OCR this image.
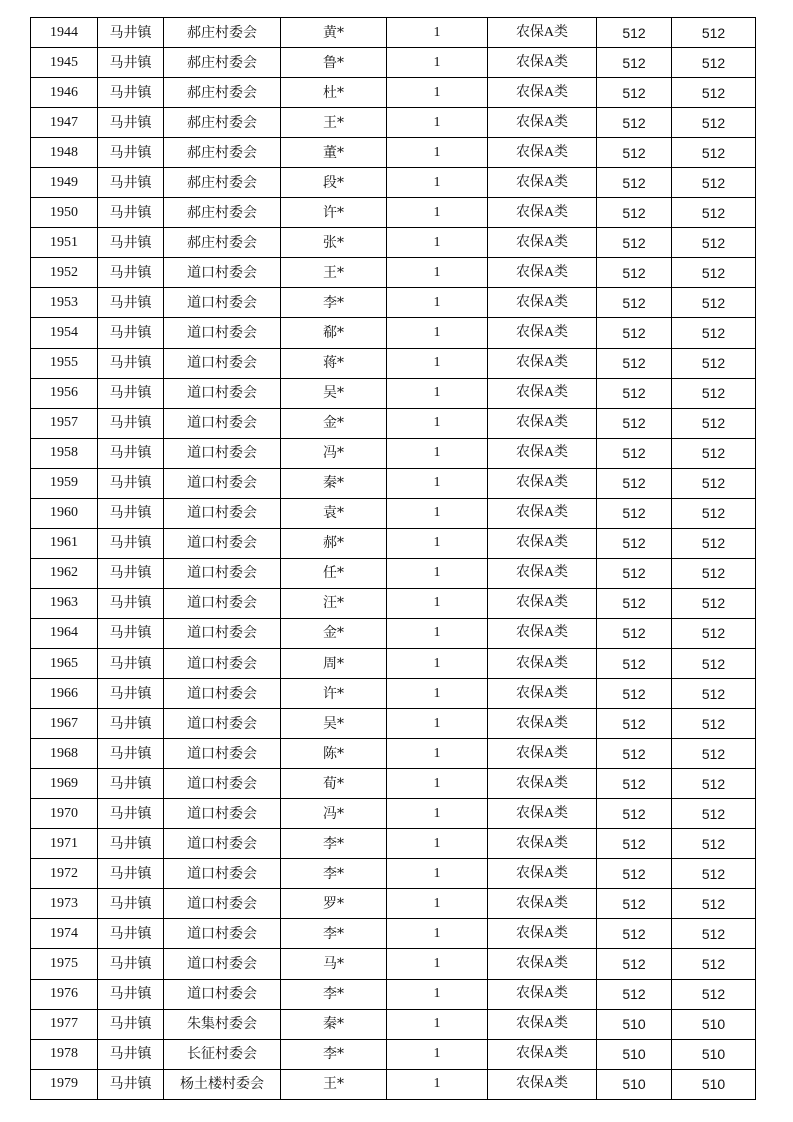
1944	马井镇	郝庄村委会	黄*	1	农保A类	512	512
1945	马井镇	郝庄村委会	鲁*	1	农保A类	512	512
1946	马井镇	郝庄村委会	杜*	1	农保A类	512	512
1947	马井镇	郝庄村委会	王*	1	农保A类	512	512
1948	马井镇	郝庄村委会	董*	1	农保A类	512	512
1949	马井镇	郝庄村委会	段*	1	农保A类	512	512
1950	马井镇	郝庄村委会	许*	1	农保A类	512	512
1951	马井镇	郝庄村委会	张*	1	农保A类	512	512
1952	马井镇	道口村委会	王*	1	农保A类	512	512
1953	马井镇	道口村委会	李*	1	农保A类	512	512
1954	马井镇	道口村委会	郗*	1	农保A类	512	512
1955	马井镇	道口村委会	蒋*	1	农保A类	512	512
1956	马井镇	道口村委会	吴*	1	农保A类	512	512
1957	马井镇	道口村委会	金*	1	农保A类	512	512
1958	马井镇	道口村委会	冯*	1	农保A类	512	512
1959	马井镇	道口村委会	秦*	1	农保A类	512	512
1960	马井镇	道口村委会	袁*	1	农保A类	512	512
1961	马井镇	道口村委会	郝*	1	农保A类	512	512
1962	马井镇	道口村委会	任*	1	农保A类	512	512
1963	马井镇	道口村委会	汪*	1	农保A类	512	512
1964	马井镇	道口村委会	金*	1	农保A类	512	512
1965	马井镇	道口村委会	周*	1	农保A类	512	512
1966	马井镇	道口村委会	许*	1	农保A类	512	512
1967	马井镇	道口村委会	吴*	1	农保A类	512	512
1968	马井镇	道口村委会	陈*	1	农保A类	512	512
1969	马井镇	道口村委会	荀*	1	农保A类	512	512
1970	马井镇	道口村委会	冯*	1	农保A类	512	512
1971	马井镇	道口村委会	李*	1	农保A类	512	512
1972	马井镇	道口村委会	李*	1	农保A类	512	512
1973	马井镇	道口村委会	罗*	1	农保A类	512	512
1974	马井镇	道口村委会	李*	1	农保A类	512	512
1975	马井镇	道口村委会	马*	1	农保A类	512	512
1976	马井镇	道口村委会	李*	1	农保A类	512	512
1977	马井镇	朱集村委会	秦*	1	农保A类	510	510
1978	马井镇	长征村委会	李*	1	农保A类	510	510
1979	马井镇	杨土楼村委会	王*	1	农保A类	510	510
